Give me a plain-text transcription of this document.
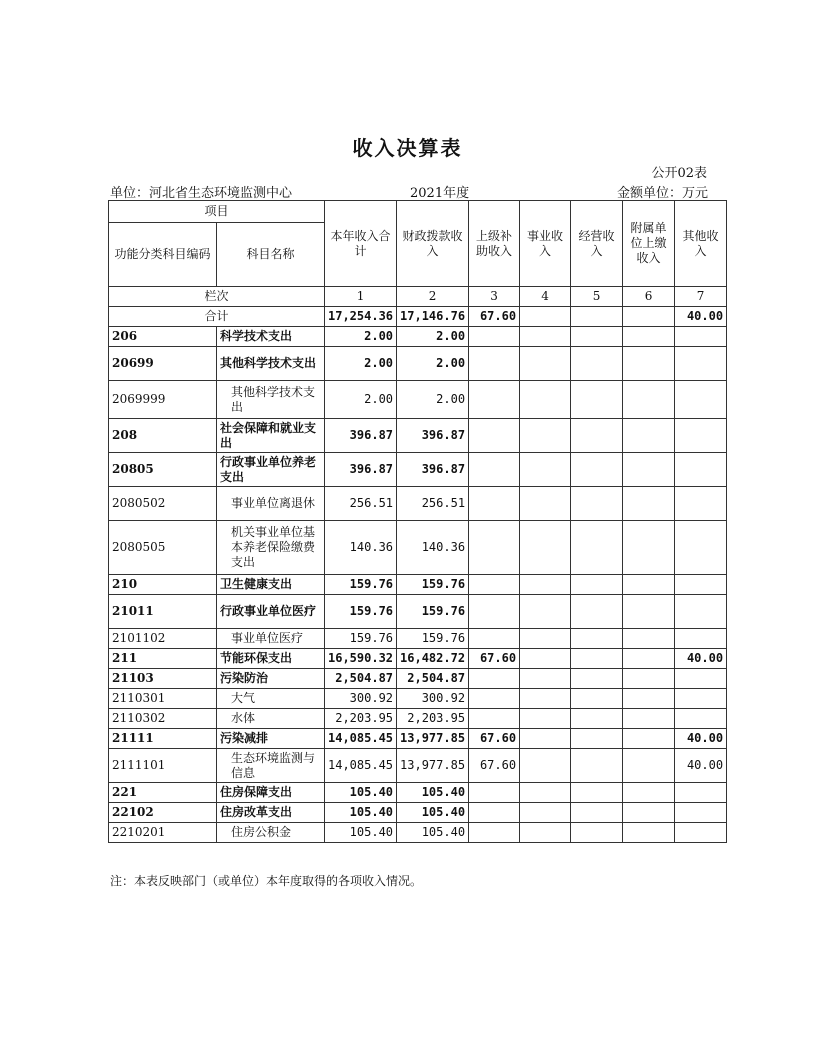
收入决算表
公开02表
单位：河北省生态环境监测中心	2021年度	金额单位：万元
项目		本年收入合计	财政拨款收入	上级补助收入	事业收入	经营收入	附属单位上缴收入	其他收入
功能分类科目编码	科目名称							
栏次		1	2	3	4	5	6	7
合计		17,254.36	17,146.76	67.60				40.00
206	科学技术支出	2.00	2.00					
20699	其他科学技术支出	2.00	2.00					
2069999	其他科学技术支出	2.00	2.00					
208	社会保障和就业支出	396.87	396.87					
20805	行政事业单位养老支出	396.87	396.87					
2080502	事业单位离退休	256.51	256.51					
2080505	机关事业单位基本养老保险缴费支出	140.36	140.36					
210	卫生健康支出	159.76	159.76					
21011	行政事业单位医疗	159.76	159.76					
2101102	事业单位医疗	159.76	159.76					
211	节能环保支出	16,590.32	16,482.72	67.60				40.00
21103	污染防治	2,504.87	2,504.87					
2110301	大气	300.92	300.92					
2110302	水体	2,203.95	2,203.95					
21111	污染减排	14,085.45	13,977.85	67.60				40.00
2111101	生态环境监测与信息	14,085.45	13,977.85	67.60				40.00
221	住房保障支出	105.40	105.40					
22102	住房改革支出	105.40	105.40					
2210201	住房公积金	105.40	105.40					
注：本表反映部门（或单位）本年度取得的各项收入情况。
